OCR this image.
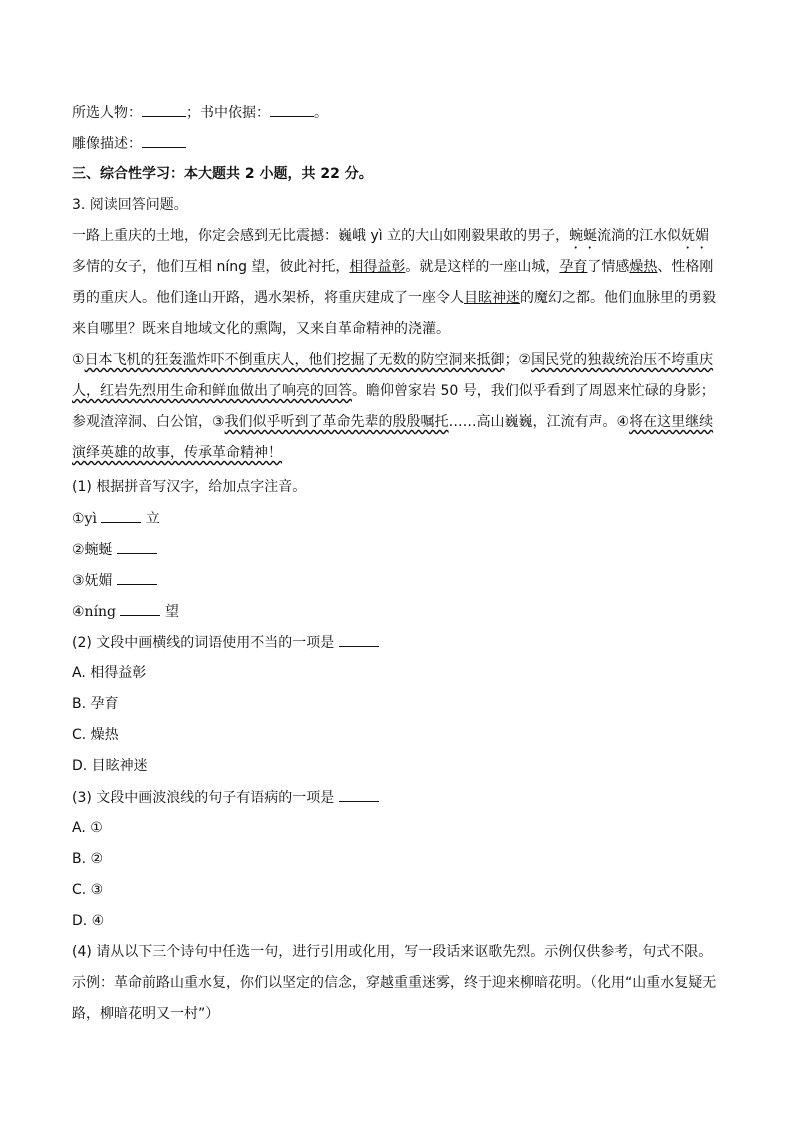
所选人物：	；书中依据：	。
雕像描述：
三、综合性学习：本大题共 2 小题，共 22 分。
3. 阅读回答问题。
一路上重庆的土地，你定会感到无比震撼：巍峨 yì 立的大山如刚毅果敢的男子，蜿蜒流淌的江水似妩媚多情的女子，他们互相 níng 望，彼此衬托，相得益彰。就是这样的一座山城，孕育了情感燥热、性格刚勇的重庆人。他们逢山开路，遇水架桥，将重庆建成了一座令人目眩神迷的魔幻之都。他们血脉里的勇毅来自哪里？既来自地域文化的熏陶，又来自革命精神的浇灌。
①日本飞机的狂轰滥炸吓不倒重庆人，他们挖掘了无数的防空洞来抵御；②国民党的独裁统治压不垮重庆人，红岩先烈用生命和鲜血做出了响亮的回答。瞻仰曾家岩 50 号，我们似乎看到了周恩来忙碌的身影；参观渣滓洞、白公馆，③我们似乎听到了革命先辈的殷殷嘱托……高山巍巍，江流有声。④将在这里继续演绎英雄的故事，传承革命精神！
(1) 根据拼音写汉字，给加点字注音。
①yì	立
②蜿蜒
③妩媚
④níng	望
(2) 文段中画横线的词语使用不当的一项是
A. 相得益彰
B. 孕育
C. 燥热
D. 目眩神迷
(3) 文段中画波浪线的句子有语病的一项是
A. ①
B. ②
C. ③
D. ④
(4) 请从以下三个诗句中任选一句，进行引用或化用，写一段话来讴歌先烈。示例仅供参考，句式不限。
示例：革命前路山重水复，你们以坚定的信念，穿越重重迷雾，终于迎来柳暗花明。（化用“山重水复疑无路，柳暗花明又一村”）
